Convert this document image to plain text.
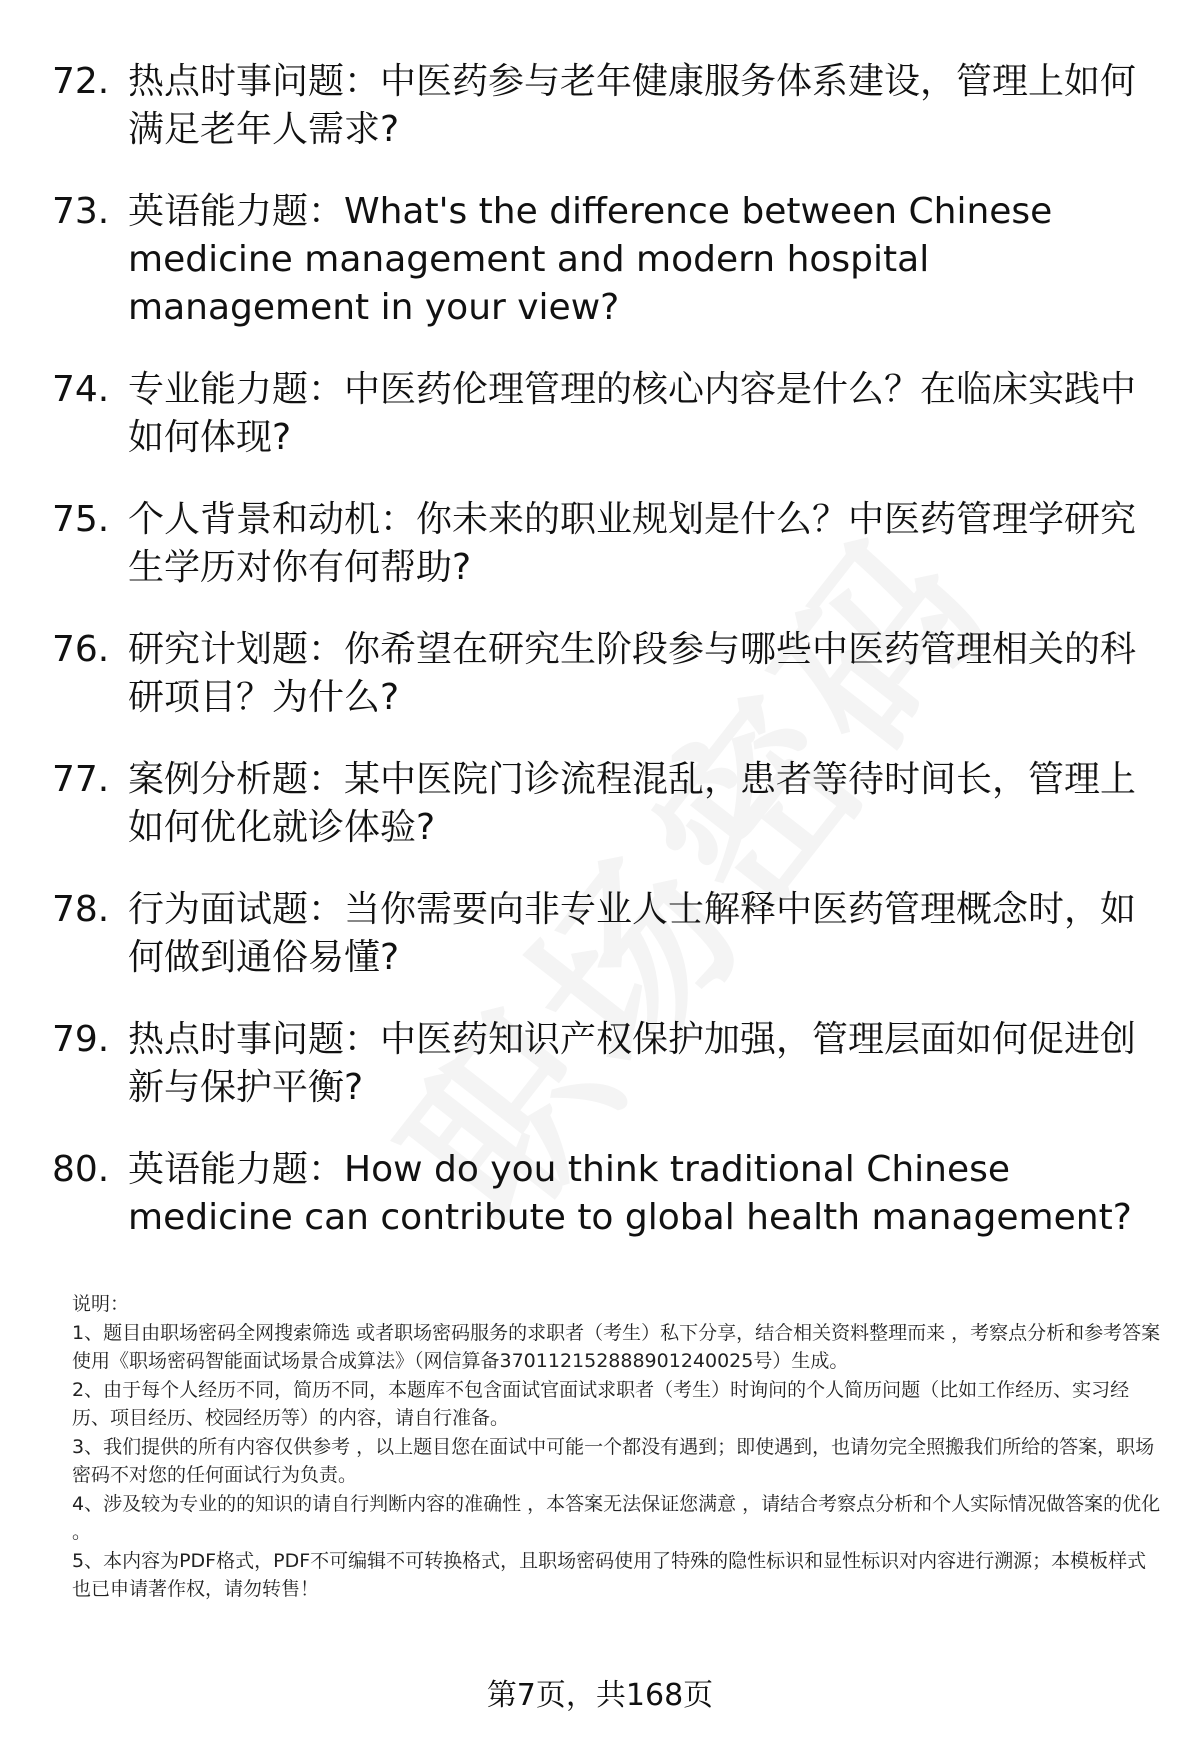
72. 热点时事问题：中医药参与老年健康服务体系建设，管理上如何满足老年人需求?
73. 英语能力题：What's the difference between Chinese medicine management and modern hospital management in your view?
74. 专业能力题：中医药伦理管理的核心内容是什么？在临床实践中如何体现?
75. 个人背景和动机：你未来的职业规划是什么？中医药管理学研究生学历对你有何帮助?
76. 研究计划题：你希望在研究生阶段参与哪些中医药管理相关的科研项目？为什么?
77. 案例分析题：某中医院门诊流程混乱，患者等待时间长，管理上如何优化就诊体验?
78. 行为面试题：当你需要向非专业人士解释中医药管理概念时，如何做到通俗易懂?
79. 热点时事问题：中医药知识产权保护加强，管理层面如何促进创新与保护平衡?
80. 英语能力题：How do you think traditional Chinese medicine can contribute to global health management?

说明：

1、题目由职场密码全网搜索筛选 或者职场密码服务的求职者（考生）私下分享，结合相关资料整理而来 ，考察点分析和参考答案使用《职场密码智能面试场景合成算法》（网信算备370112152888901240025号）生成。

2、由于每个人经历不同，简历不同，本题库不包含面试官面试求职者（考生）时询问的个人简历问题（比如工作经历、实习经历、项目经历、校园经历等）的内容，请自行准备。

3、我们提供的所有内容仅供参考 ，以上题目您在面试中可能一个都没有遇到；即使遇到，也请勿完全照搬我们所给的答案，职场密码不对您的任何面试行为负责。

4、涉及较为专业的的知识的请自行判断内容的准确性 ，本答案无法保证您满意 ，请结合考察点分析和个人实际情况做答案的优化 。

5、本内容为PDF格式，PDF不可编辑不可转换格式，且职场密码使用了特殊的隐性标识和显性标识对内容进行溯源；本模板样式也已申请著作权，请勿转售！

第7页，共168页
